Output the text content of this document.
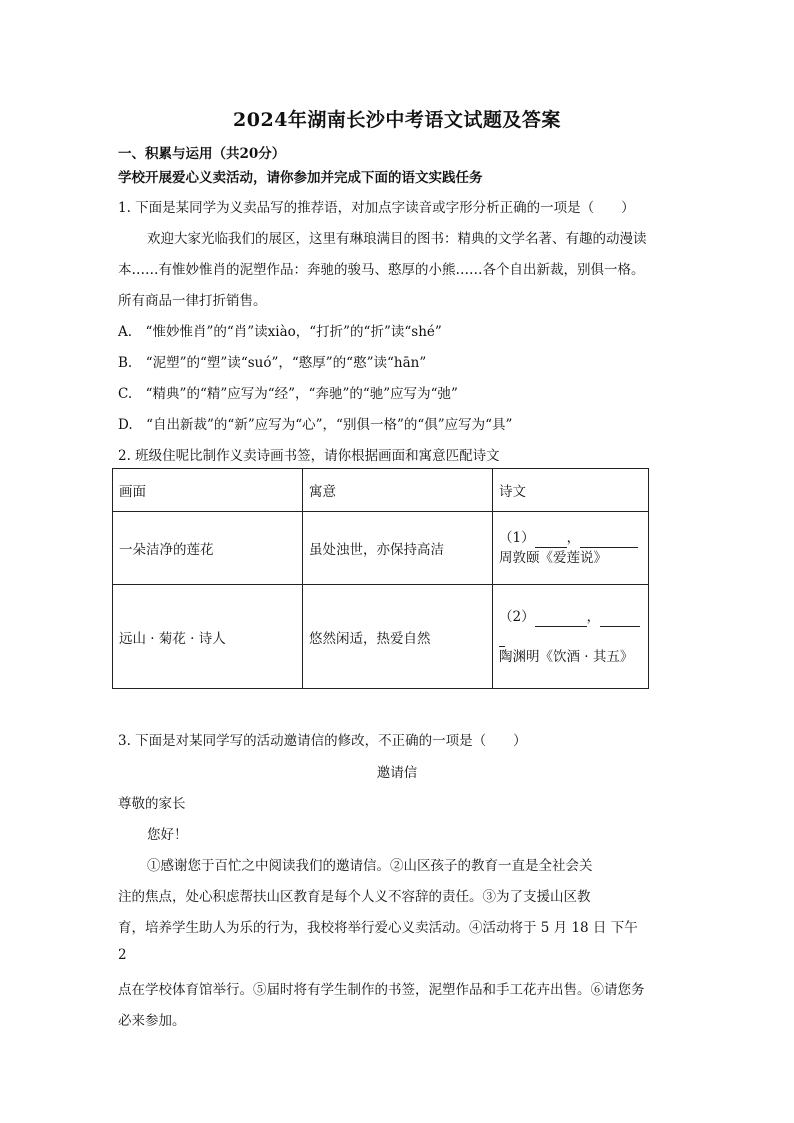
2024年湖南长沙中考语文试题及答案
一、积累与运用（共20分）
学校开展爱心义卖活动，请你参加并完成下面的语文实践任务
1. 下面是某同学为义卖品写的推荐语，对加点字读音或字形分析正确的一项是（　　）
欢迎大家光临我们的展区，这里有琳琅满目的图书：精典的文学名著、有趣的动漫读
本……有惟妙惟肖的泥塑作品：奔驰的骏马、憨厚的小熊……各个自出新裁，别俱一格。
所有商品一律打折销售。
A.　“惟妙惟肖”的“肖”读xiào，“打折”的“折”读“shé”
B.　“泥塑”的“塑”读“suó”，“憨厚”的“憨”读“hān”
C.　“精典”的“精”应写为“经”，“奔驰”的“驰”应写为“弛”
D.　“自出新裁”的“新”应写为“心”，“别俱一格”的“俱”应写为“具”
2. 班级住呢比制作义卖诗画书签，请你根据画面和寓意匹配诗文
画面	寓意	诗文
一朵洁净的莲花	虽处浊世，亦保持高洁	（1） ，
周敦颐《爱莲说》

远山 · 菊花 · 诗人	悠然闲适，热爱自然	（2） ，
陶渊明《饮酒 · 其五》
3. 下面是对某同学写的活动邀请信的修改，不正确的一项是（　　）
邀请信
尊敬的家长
您好！
①感谢您于百忙之中阅读我们的邀请信。②山区孩子的教育一直是全社会关
注的焦点，处心积虑帮扶山区教育是每个人义不容辞的责任。③为了支援山区教
育，培养学生助人为乐的行为，我校将举行爱心义卖活动。④活动将于 5 月 18 日 下午
2
点在学校体育馆举行。⑤届时将有学生制作的书签，泥塑作品和手工花卉出售。⑥请您务
必来参加。
